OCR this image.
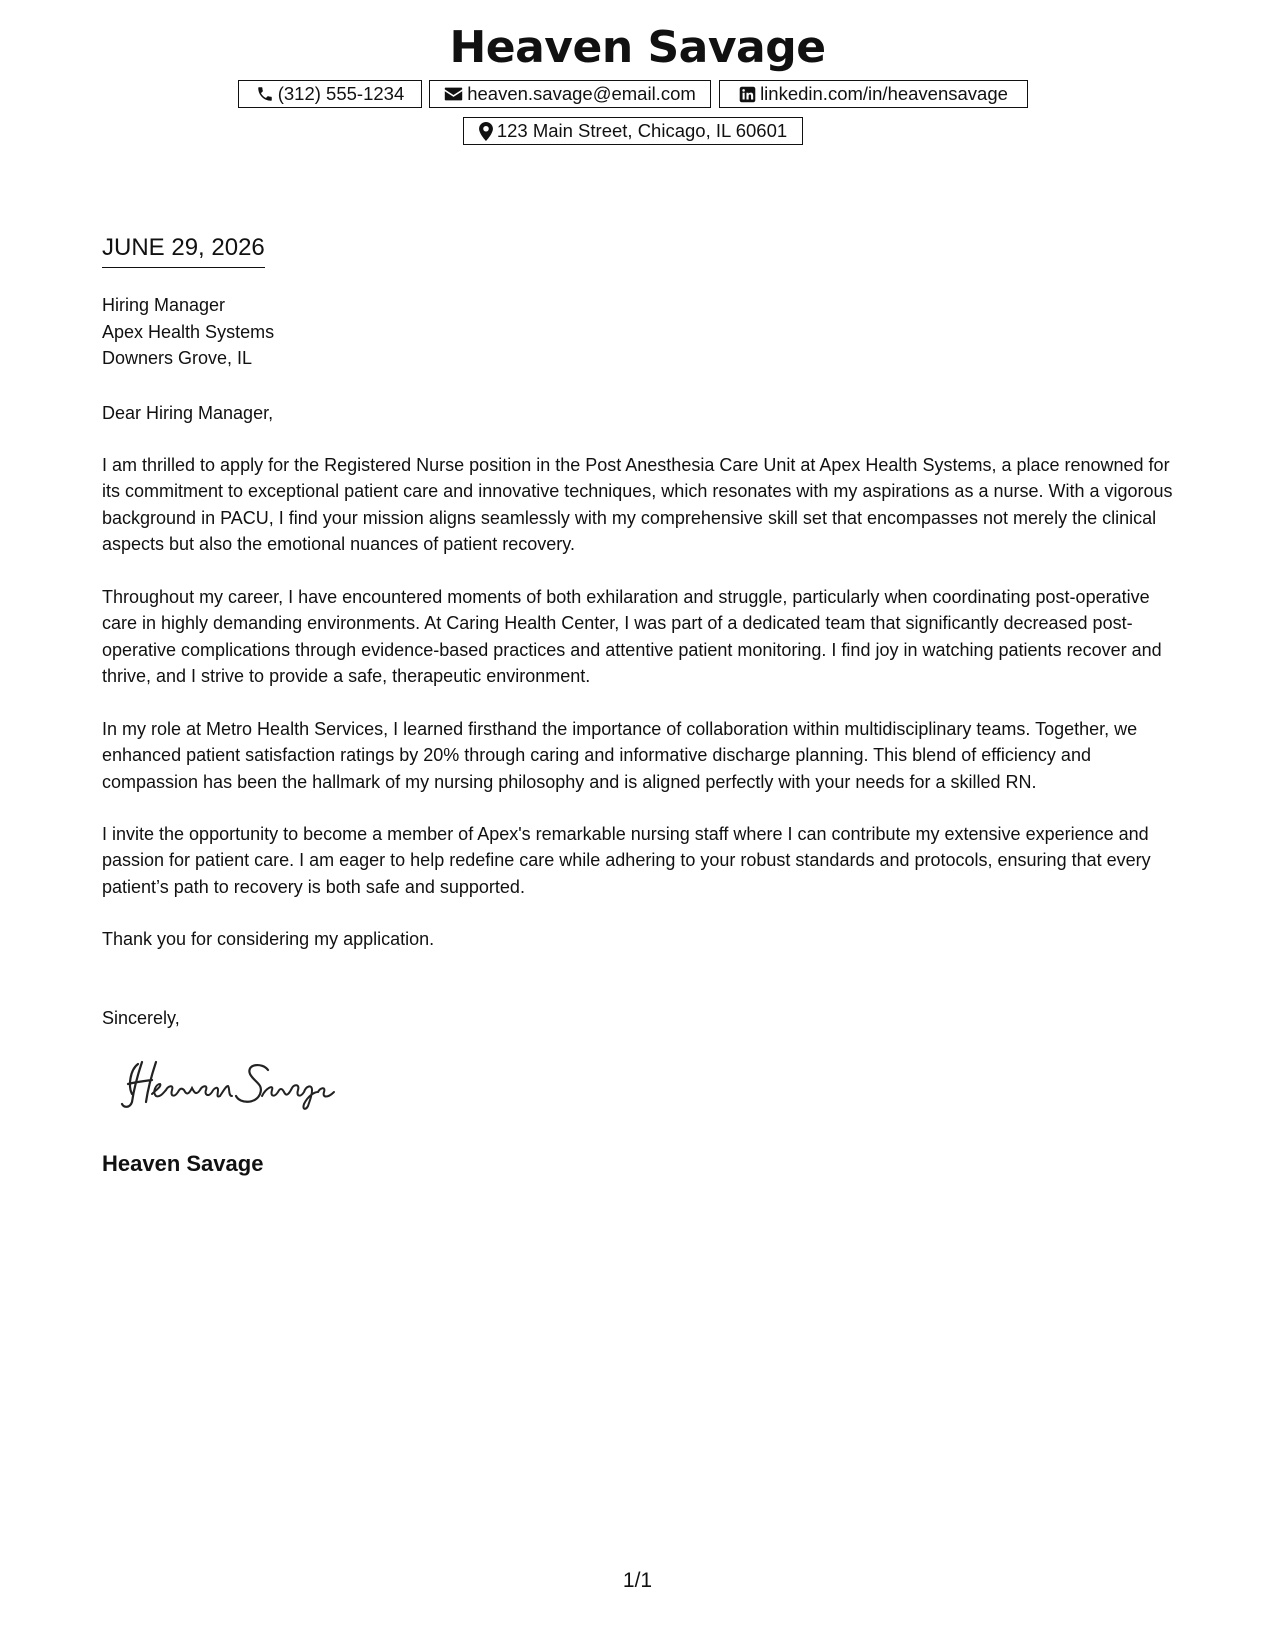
Heaven Savage
(312) 555-1234	heaven.savage@email.com	linkedin.com/in/heavensavage
123 Main Street, Chicago, IL 60601
JUNE 29, 2026
Hiring Manager
Apex Health Systems
Downers Grove, IL
Dear Hiring Manager,

I am thrilled to apply for the Registered Nurse position in the Post Anesthesia Care Unit at Apex Health Systems, a place renowned for its commitment to exceptional patient care and innovative techniques, which resonates with my aspirations as a nurse. With a vigorous background in PACU, I find your mission aligns seamlessly with my comprehensive skill set that encompasses not merely the clinical aspects but also the emotional nuances of patient recovery.

Throughout my career, I have encountered moments of both exhilaration and struggle, particularly when coordinating post-operative care in highly demanding environments. At Caring Health Center, I was part of a dedicated team that significantly decreased post-operative complications through evidence-based practices and attentive patient monitoring. I find joy in watching patients recover and thrive, and I strive to provide a safe, therapeutic environment.

In my role at Metro Health Services, I learned firsthand the importance of collaboration within multidisciplinary teams. Together, we enhanced patient satisfaction ratings by 20% through caring and informative discharge planning. This blend of efficiency and compassion has been the hallmark of my nursing philosophy and is aligned perfectly with your needs for a skilled RN.

I invite the opportunity to become a member of Apex's remarkable nursing staff where I can contribute my extensive experience and passion for patient care. I am eager to help redefine care while adhering to your robust standards and protocols, ensuring that every patient’s path to recovery is both safe and supported.

Thank you for considering my application.

Sincerely,
Heaven Savage
1/1
